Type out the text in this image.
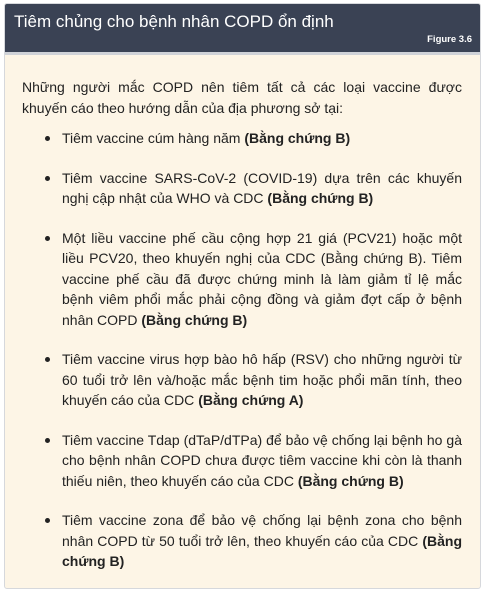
Tiêm chủng cho bệnh nhân COPD ổn định
Figure 3.6

Những người mắc COPD nên tiêm tất cả các loại vaccine được khuyến cáo theo hướng dẫn của địa phương sở tại:

Tiêm vaccine cúm hàng năm (Bằng chứng B)
Tiêm vaccine SARS-CoV-2 (COVID-19) dựa trên các khuyến nghị cập nhật của WHO và CDC (Bằng chứng B)
Một liều vaccine phế cầu cộng hợp 21 giá (PCV21) hoặc một liều PCV20, theo khuyến nghị của CDC (Bằng chứng B). Tiêm vaccine phế cầu đã được chứng minh là làm giảm tỉ lệ mắc bệnh viêm phổi mắc phải cộng đồng và giảm đợt cấp ở bệnh nhân COPD (Bằng chứng B)
Tiêm vaccine virus hợp bào hô hấp (RSV) cho những người từ 60 tuổi trở lên và/hoặc mắc bệnh tim hoặc phổi mãn tính, theo khuyến cáo của CDC (Bằng chứng A)
Tiêm vaccine Tdap (dTaP/dTPa) để bảo vệ chống lại bệnh ho gà cho bệnh nhân COPD chưa được tiêm vaccine khi còn là thanh thiếu niên, theo khuyến cáo của CDC (Bằng chứng B)
Tiêm vaccine zona để bảo vệ chống lại bệnh zona cho bệnh nhân COPD từ 50 tuổi trở lên, theo khuyến cáo của CDC (Bằng chứng B)
